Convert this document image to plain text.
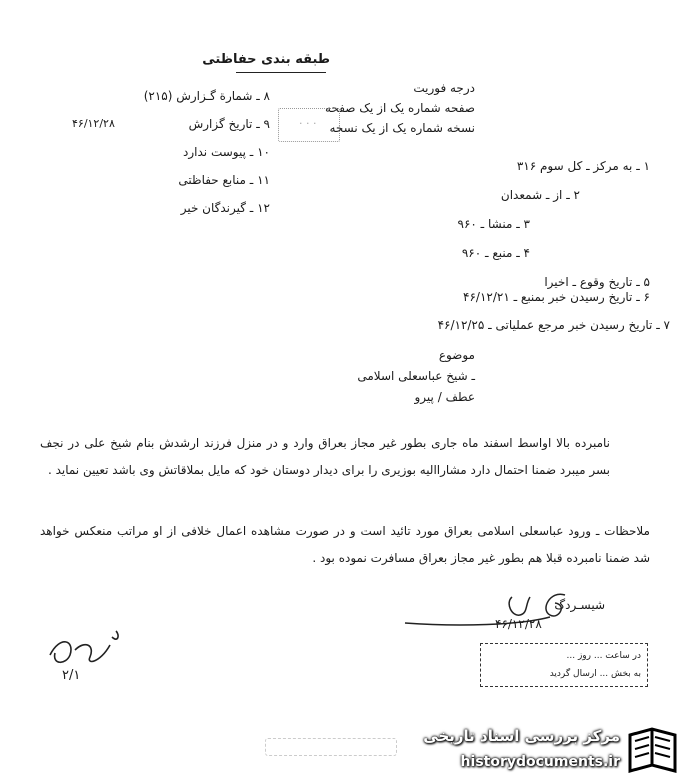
طبقه بندی حفاظتی
درجه فوریت
صفحه شماره یک از یک صفحه
نسخه شماره یک از یک نسخه
· · ·
۸ ـ شمارة گـزارش (۲۱۵)
۹ ـ تاریخ گزارش
۴۶/۱۲/۲۸
۱۰ ـ پیوست ندارد
۱۱ ـ منابع حفاظتی
۱۲ ـ گیرندگان خیر
۱ ـ به مرکز ـ کل سوم ۳۱۶
۲ ـ از ـ شمعدان
۳ ـ منشا ـ ۹۶۰
۴ ـ منبع ـ ۹۶۰
۵ ـ تاریخ وقوع ـ اخیرا
۶ ـ تاریخ رسیدن خبر بمنبع ـ ۴۶/۱۲/۲۱
۷ ـ تاریخ رسیدن خبر مرجع عملیاتی ـ ۴۶/۱۲/۲۵
موضوع
ـ شیخ عباسعلی اسلامی
عطف / پیرو
نامبرده بالا اواسط اسفند ماه جاری بطور غیر مجاز بعراق وارد و در منزل فرزند ارشدش بنام شیخ علی در نجف بسر میبرد ضمنا احتمال دارد مشاراالیه بوزیری را برای دیدار دوستان خود که مایل بملاقاتش وی باشد تعیین نماید .
ملاحظات ـ ورود عباسعلی اسلامی بعراق مورد تائید است و در صورت مشاهده اعمال خلافی از او مراتب منعکس خواهد شد ضمنا نامبرده قبلا هم بطور غیر مجاز بعراق مسافرت نموده بود .
شیسـردگ
۴۶/۱۲/۲۸
در ساعت ... روز ...
به بخش ... ارسال گردید
۲/۱
مرکز بررسی اسناد تاریخی
historydocuments.ir
